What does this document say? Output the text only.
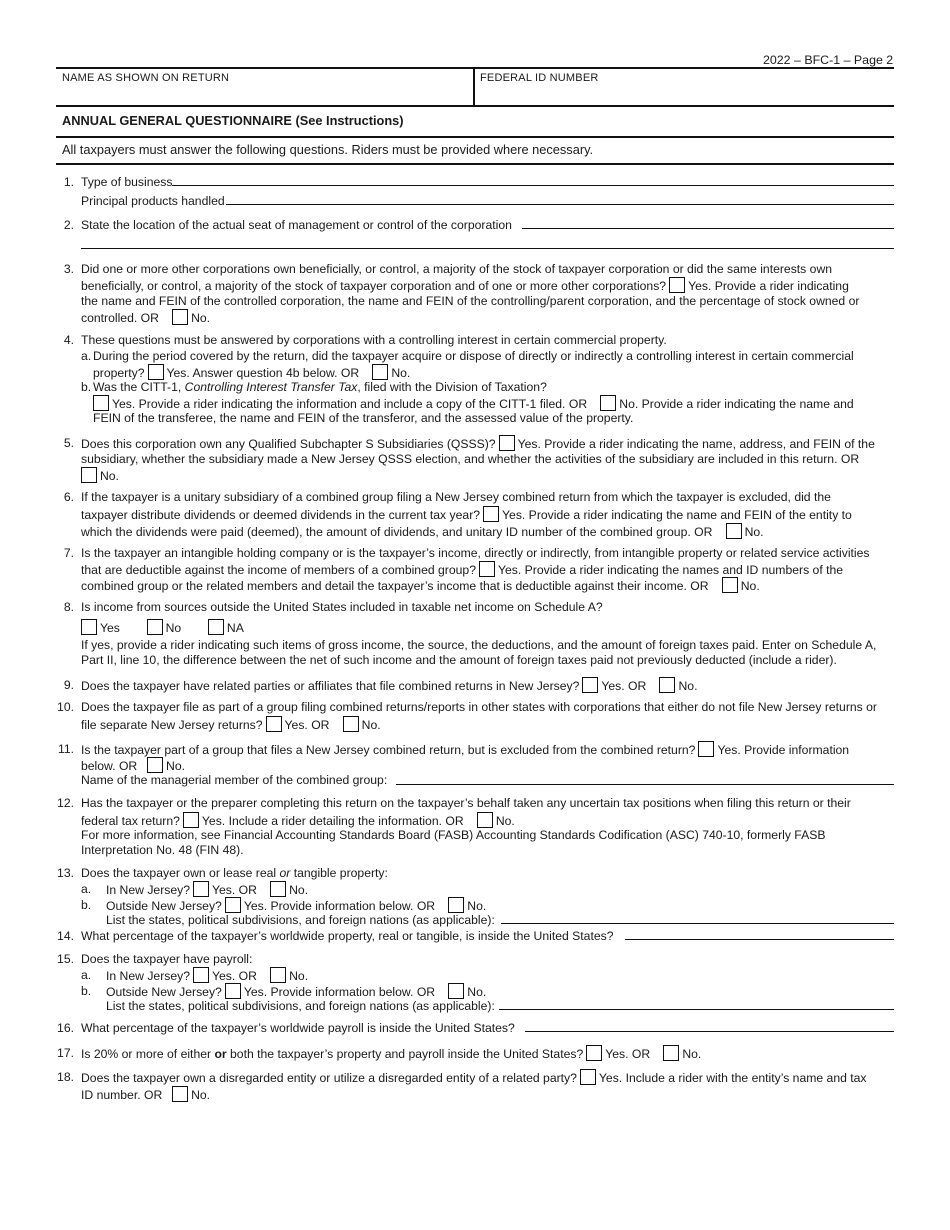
2022 – BFC-1 – Page 2
NAME AS SHOWN ON RETURN	FEDERAL ID NUMBER
ANNUAL GENERAL QUESTIONNAIRE (See Instructions)
All taxpayers must answer the following questions. Riders must be provided where necessary.
1. Type of business
Principal products handled
2. State the location of the actual seat of management or control of the corporation
3. Did one or more other corporations own beneficially, or control, a majority of the stock of taxpayer corporation or did the same interests own
beneficially, or control, a majority of the stock of taxpayer corporation and of one or more other corporations? Yes. Provide a rider indicating
the name and FEIN of the controlled corporation, the name and FEIN of the controlling/parent corporation, and the percentage of stock owned or
controlled. OR	No.
4. These questions must be answered by corporations with a controlling interest in certain commercial property.
a. During the period covered by the return, did the taxpayer acquire or dispose of directly or indirectly a controlling interest in certain commercial
property? Yes. Answer question 4b below. OR	No.
b. Was the CITT-1, Controlling Interest Transfer Tax, filed with the Division of Taxation?
Yes. Provide a rider indicating the information and include a copy of the CITT-1 filed. OR	No. Provide a rider indicating the name and
FEIN of the transferee, the name and FEIN of the transferor, and the assessed value of the property.
5. Does this corporation own any Qualified Subchapter S Subsidiaries (QSSS)? Yes. Provide a rider indicating the name, address, and FEIN of the
subsidiary, whether the subsidiary made a New Jersey QSSS election, and whether the activities of the subsidiary are included in this return. OR
No.
6. If the taxpayer is a unitary subsidiary of a combined group filing a New Jersey combined return from which the taxpayer is excluded, did the
taxpayer distribute dividends or deemed dividends in the current tax year? Yes. Provide a rider indicating the name and FEIN of the entity to
which the dividends were paid (deemed), the amount of dividends, and unitary ID number of the combined group. OR	No.
7. Is the taxpayer an intangible holding company or is the taxpayer’s income, directly or indirectly, from intangible property or related service activities
that are deductible against the income of members of a combined group? Yes. Provide a rider indicating the names and ID numbers of the
combined group or the related members and detail the taxpayer’s income that is deductible against their income. OR	No.
8. Is income from sources outside the United States included in taxable net income on Schedule A?
Yes	No	NA
If yes, provide a rider indicating such items of gross income, the source, the deductions, and the amount of foreign taxes paid. Enter on Schedule A,
Part II, line 10, the difference between the net of such income and the amount of foreign taxes paid not previously deducted (include a rider).
9. Does the taxpayer have related parties or affiliates that file combined returns in New Jersey? Yes. OR	No.
10. Does the taxpayer file as part of a group filing combined returns/reports in other states with corporations that either do not file New Jersey returns or
file separate New Jersey returns? Yes. OR	No.
11. Is the taxpayer part of a group that files a New Jersey combined return, but is excluded from the combined return? Yes. Provide information
below. OR No.
Name of the managerial member of the combined group:
12. Has the taxpayer or the preparer completing this return on the taxpayer’s behalf taken any uncertain tax positions when filing this return or their
federal tax return? Yes. Include a rider detailing the information. OR	No.
For more information, see Financial Accounting Standards Board (FASB) Accounting Standards Codification (ASC) 740-10, formerly FASB
Interpretation No. 48 (FIN 48).
13. Does the taxpayer own or lease real or tangible property:
a. In New Jersey? Yes. OR	No.
b. Outside New Jersey? Yes. Provide information below. OR	No.
List the states, political subdivisions, and foreign nations (as applicable):
14. What percentage of the taxpayer’s worldwide property, real or tangible, is inside the United States?
15. Does the taxpayer have payroll:
a. In New Jersey? Yes. OR	No.
b. Outside New Jersey? Yes. Provide information below. OR	No.
List the states, political subdivisions, and foreign nations (as applicable):
16. What percentage of the taxpayer’s worldwide payroll is inside the United States?
17. Is 20% or more of either or both the taxpayer’s property and payroll inside the United States? Yes. OR	No.
18. Does the taxpayer own a disregarded entity or utilize a disregarded entity of a related party? Yes. Include a rider with the entity’s name and tax
ID number. OR No.
